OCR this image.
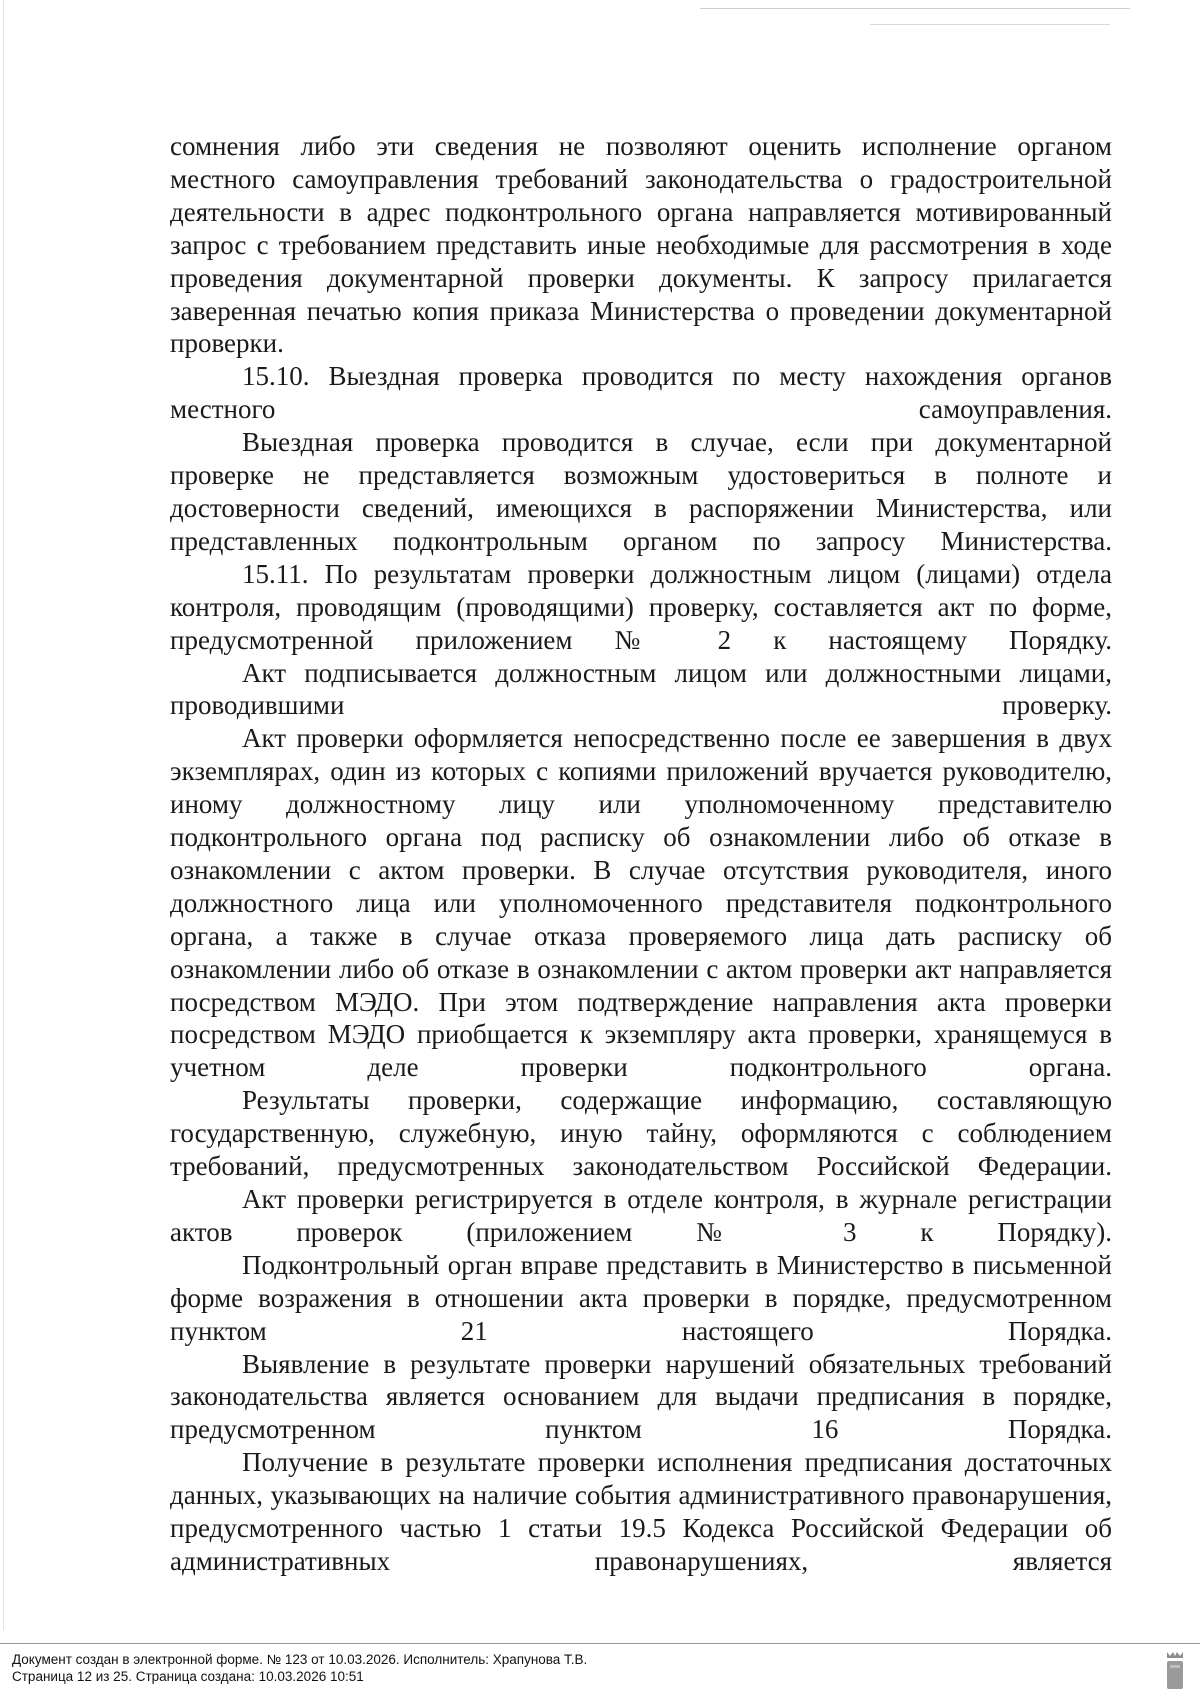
сомнения либо эти сведения не позволяют оценить исполнение органом местного самоуправления требований законодательства о градостроительной деятельности в адрес подконтрольного органа направляется мотивированный запрос с требованием представить иные необходимые для рассмотрения в ходе проведения документарной проверки документы. К запросу прилагается заверенная печатью копия приказа Министерства о проведении документарной проверки.

15.10. Выездная проверка проводится по месту нахождения органов местного самоуправления.

Выездная проверка проводится в случае, если при документарной проверке не представляется возможным удостовериться в полноте и достоверности сведений, имеющихся в распоряжении Министерства, или представленных подконтрольным органом по запросу Министерства.

15.11. По результатам проверки должностным лицом (лицами) отдела контроля, проводящим (проводящими) проверку, составляется акт по форме, предусмотренной приложением № 2 к настоящему Порядку.

Акт подписывается должностным лицом или должностными лицами, проводившими проверку.

Акт проверки оформляется непосредственно после ее завершения в двух экземплярах, один из которых с копиями приложений вручается руководителю, иному должностному лицу или уполномоченному представителю подконтрольного органа под расписку об ознакомлении либо об отказе в ознакомлении с актом проверки. В случае отсутствия руководителя, иного должностного лица или уполномоченного представителя подконтрольного органа, а также в случае отказа проверяемого лица дать расписку об ознакомлении либо об отказе в ознакомлении с актом проверки акт направляется посредством МЭДО. При этом подтверждение направления акта проверки посредством МЭДО приобщается к экземпляру акта проверки, хранящемуся в учетном деле проверки подконтрольного органа.

Результаты проверки, содержащие информацию, составляющую государственную, служебную, иную тайну, оформляются с соблюдением требований, предусмотренных законодательством Российской Федерации.

Акт проверки регистрируется в отделе контроля, в журнале регистрации актов проверок (приложением № 3 к Порядку).

Подконтрольный орган вправе представить в Министерство в письменной форме возражения в отношении акта проверки в порядке, предусмотренном пунктом 21 настоящего Порядка.

Выявление в результате проверки нарушений обязательных требований законодательства является основанием для выдачи предписания в порядке, предусмотренном пунктом 16 Порядка.

Получение в результате проверки исполнения предписания достаточных данных, указывающих на наличие события административного правонарушения, предусмотренного частью 1 статьи 19.5 Кодекса Российской Федерации об административных правонарушениях, является

Документ создан в электронной форме. № 123 от 10.03.2026. Исполнитель: Храпунова Т.В.
Страница 12 из 25. Страница создана: 10.03.2026 10:51
